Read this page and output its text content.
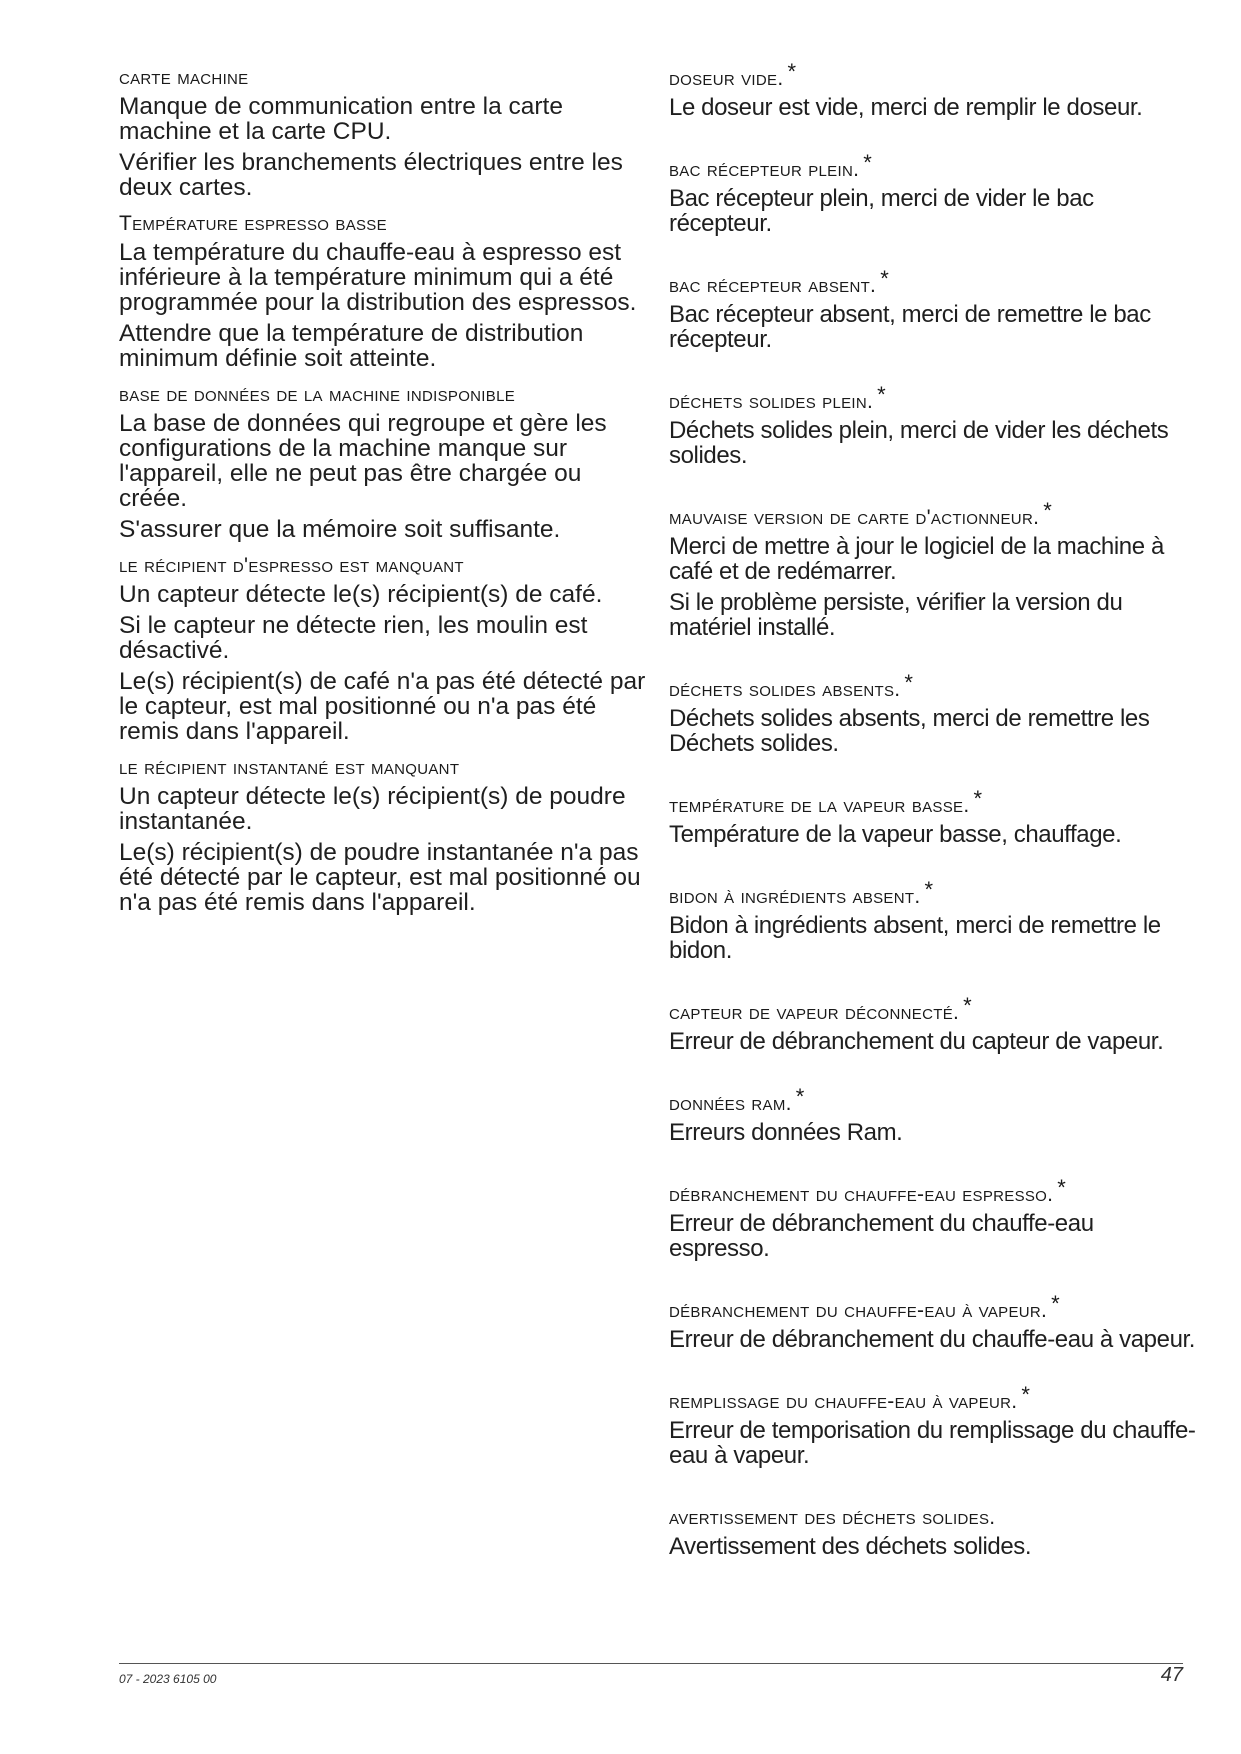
carte machine

Manque de communication entre la carte machine et la carte CPU.

Vérifier les branchements électriques entre les deux cartes.

Température espresso basse

La température du chauffe-eau à espresso est inférieure à la température minimum qui a été programmée pour la distribution des espressos.

Attendre que la température de distribution minimum définie soit atteinte.

base de données de la machine indisponible

La base de données qui regroupe et gère les configurations de la machine manque sur l'appareil, elle ne peut pas être chargée ou créée.

S'assurer que la mémoire soit suffisante.

le récipient d'espresso est manquant

Un capteur détecte le(s) récipient(s) de café.

Si le capteur ne détecte rien, les moulin est désactivé.

Le(s) récipient(s) de café n'a pas été détecté par le capteur, est mal positionné ou n'a pas été remis dans l'appareil.

le récipient instantané est manquant

Un capteur détecte le(s) récipient(s) de poudre instantanée.

Le(s) récipient(s) de poudre instantanée n'a pas été détecté par le capteur, est mal positionné ou n'a pas été remis dans l'appareil.

doseur vide. *

Le doseur est vide, merci de remplir le doseur.

bac récepteur plein. *

Bac récepteur plein, merci de vider le bac récepteur.

bac récepteur absent. *

Bac récepteur absent, merci de remettre le bac récepteur.

déchets solides plein. *

Déchets solides plein, merci de vider les déchets solides.

mauvaise version de carte d'actionneur. *

Merci de mettre à jour le logiciel de la machine à café et de redémarrer.

Si le problème persiste, vérifier la version du matériel installé.

déchets solides absents. *

Déchets solides absents, merci de remettre les Déchets solides.

température de la vapeur basse. *

Température de la vapeur basse, chauffage.

bidon à ingrédients absent. *

Bidon à ingrédients absent, merci de remettre le bidon.

capteur de vapeur déconnecté. *

Erreur de débranchement du capteur de vapeur.

données ram. *

Erreurs données Ram.

débranchement du chauffe-eau espresso. *

Erreur de débranchement du chauffe-eau espresso.

débranchement du chauffe-eau à vapeur. *

Erreur de débranchement du chauffe-eau à vapeur.

remplissage du chauffe-eau à vapeur. *

Erreur de temporisation du remplissage du chauffe-eau à vapeur.

avertissement des déchets solides.

Avertissement des déchets solides.

07 - 2023 6105 00	47
